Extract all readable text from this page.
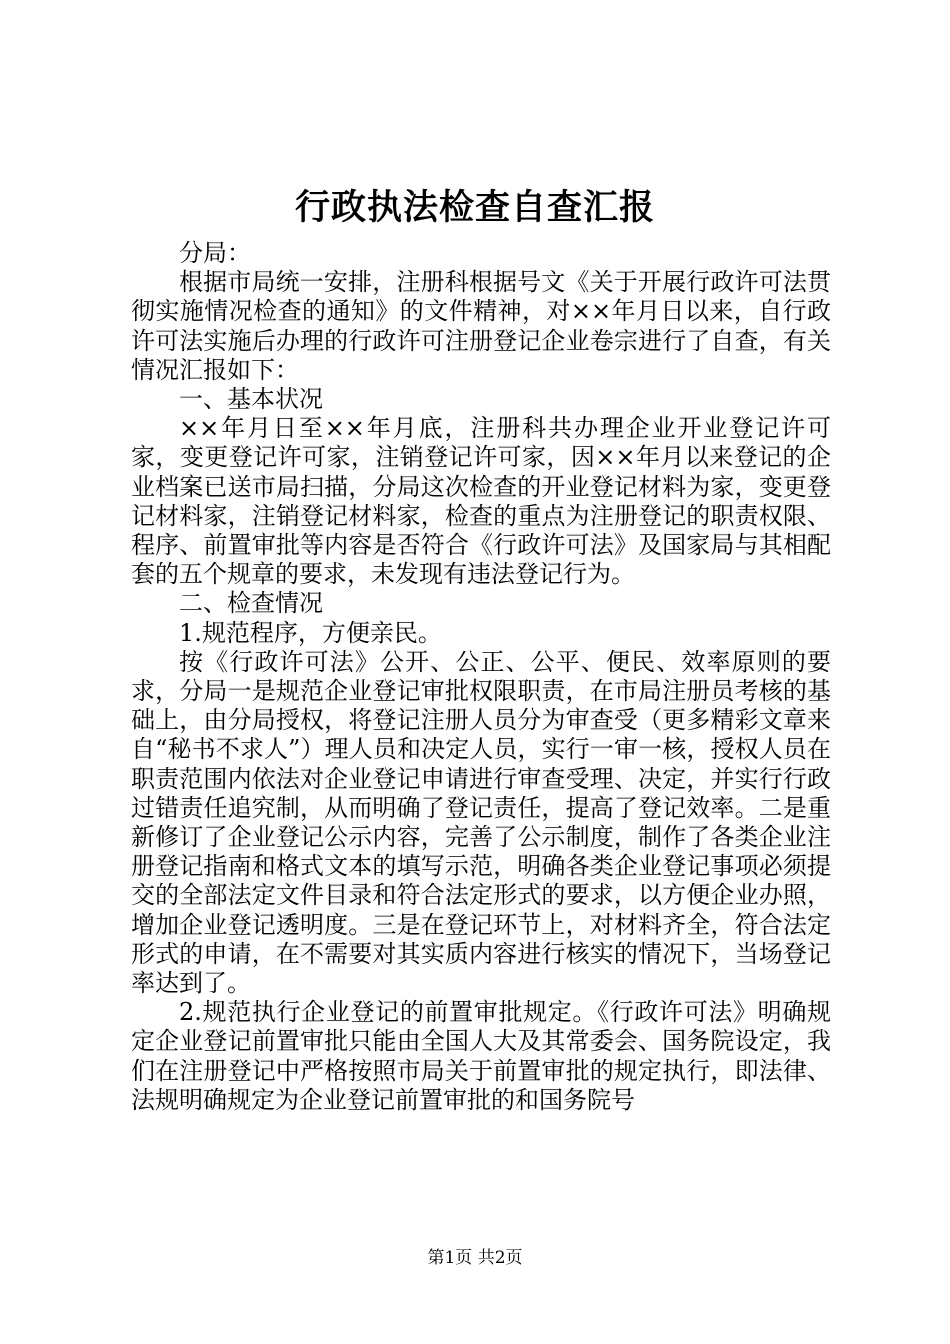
行政执法检查自查汇报

分局：

根据市局统一安排，注册科根据号文《关于开展行政许可法贯彻实施情况检查的通知》的文件精神，对××年月日以来，自行政许可法实施后办理的行政许可注册登记企业卷宗进行了自查，有关情况汇报如下：

一、基本状况

××年月日至××年月底，注册科共办理企业开业登记许可家，变更登记许可家，注销登记许可家，因××年月以来登记的企业档案已送市局扫描，分局这次检查的开业登记材料为家，变更登记材料家，注销登记材料家，检查的重点为注册登记的职责权限、程序、前置审批等内容是否符合《行政许可法》及国家局与其相配套的五个规章的要求，未发现有违法登记行为。

二、检查情况

1.规范程序，方便亲民。

按《行政许可法》公开、公正、公平、便民、效率原则的要求，分局一是规范企业登记审批权限职责，在市局注册员考核的基础上，由分局授权，将登记注册人员分为审查受（更多精彩文章来自“秘书不求人”）理人员和决定人员，实行一审一核，授权人员在职责范围内依法对企业登记申请进行审查受理、决定，并实行行政过错责任追究制，从而明确了登记责任，提高了登记效率。二是重新修订了企业登记公示内容，完善了公示制度，制作了各类企业注册登记指南和格式文本的填写示范，明确各类企业登记事项必须提交的全部法定文件目录和符合法定形式的要求，以方便企业办照，增加企业登记透明度。三是在登记环节上，对材料齐全，符合法定形式的申请，在不需要对其实质内容进行核实的情况下，当场登记率达到了。

2.规范执行企业登记的前置审批规定。《行政许可法》明确规定企业登记前置审批只能由全国人大及其常委会、国务院设定，我们在注册登记中严格按照市局关于前置审批的规定执行，即法律、法规明确规定为企业登记前置审批的和国务院号

第1页 共2页
